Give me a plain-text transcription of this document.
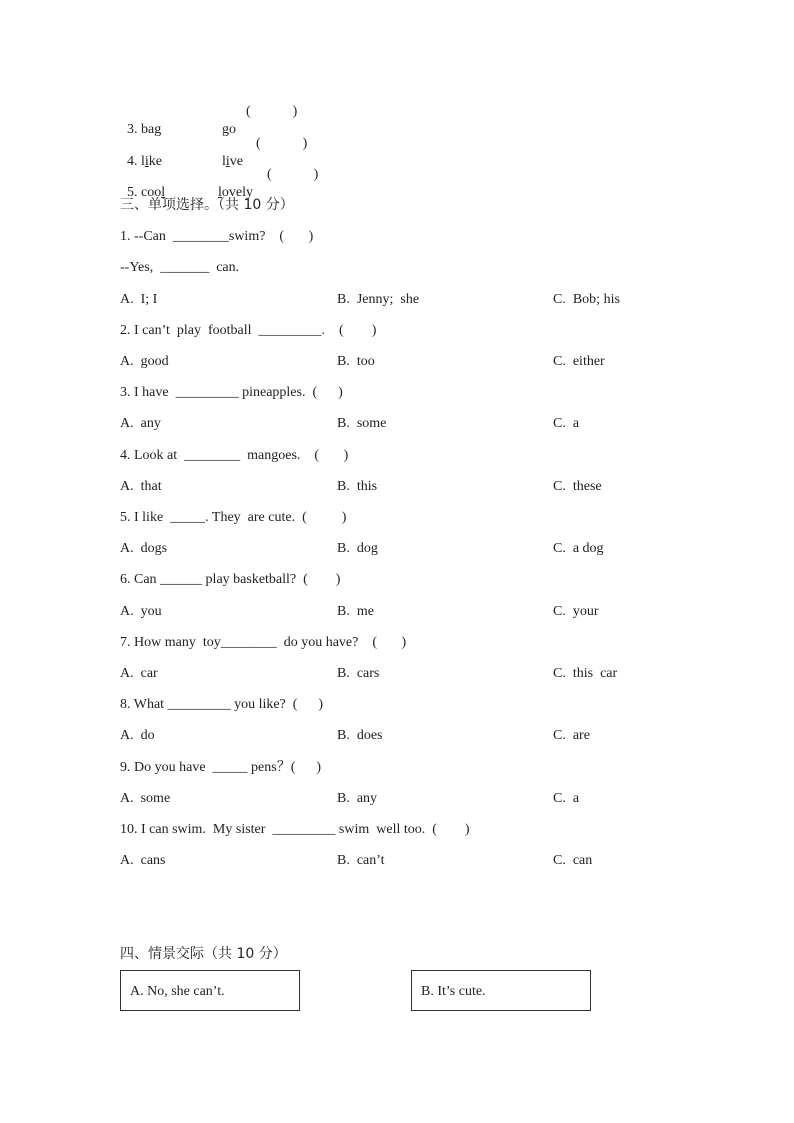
3. bag	go

(            )

4. like	live

(            )

5. cool	lovely

(            )
三、单项选择。（共 10 分）
1. --Can  ________swim?    (       )
--Yes,  _______  can.
A.  I; I	B.  Jenny;  she	C.  Bob; his
2. I can’t  play  football  _________.    (        )
A.  good	B.  too	C.  either
3. I have  _________ pineapples.  (      )
A.  any	B.  some	C.  a
4. Look at  ________  mangoes.    (       )
A.  that	B.  this	C.  these
5. I like  _____. They  are cute.  (          )
A.  dogs	B.  dog	C.  a dog
6. Can ______ play basketball?  (        )
A.  you	B.  me	C.  your
7. How many  toy________  do you have?    (       )
A.  car	B.  cars	C.  this  car
8. What _________ you like?  (      )
A.  do	B.  does	C.  are
9. Do you have  _____ pens？(      )
A.  some	B.  any	C.  a
10. I can swim.  My sister  _________ swim  well too.  (        )
A.  cans	B.  can’t	C.  can
四、情景交际（共 10 分）
A. No, she can’t.	B. It’s cute.
